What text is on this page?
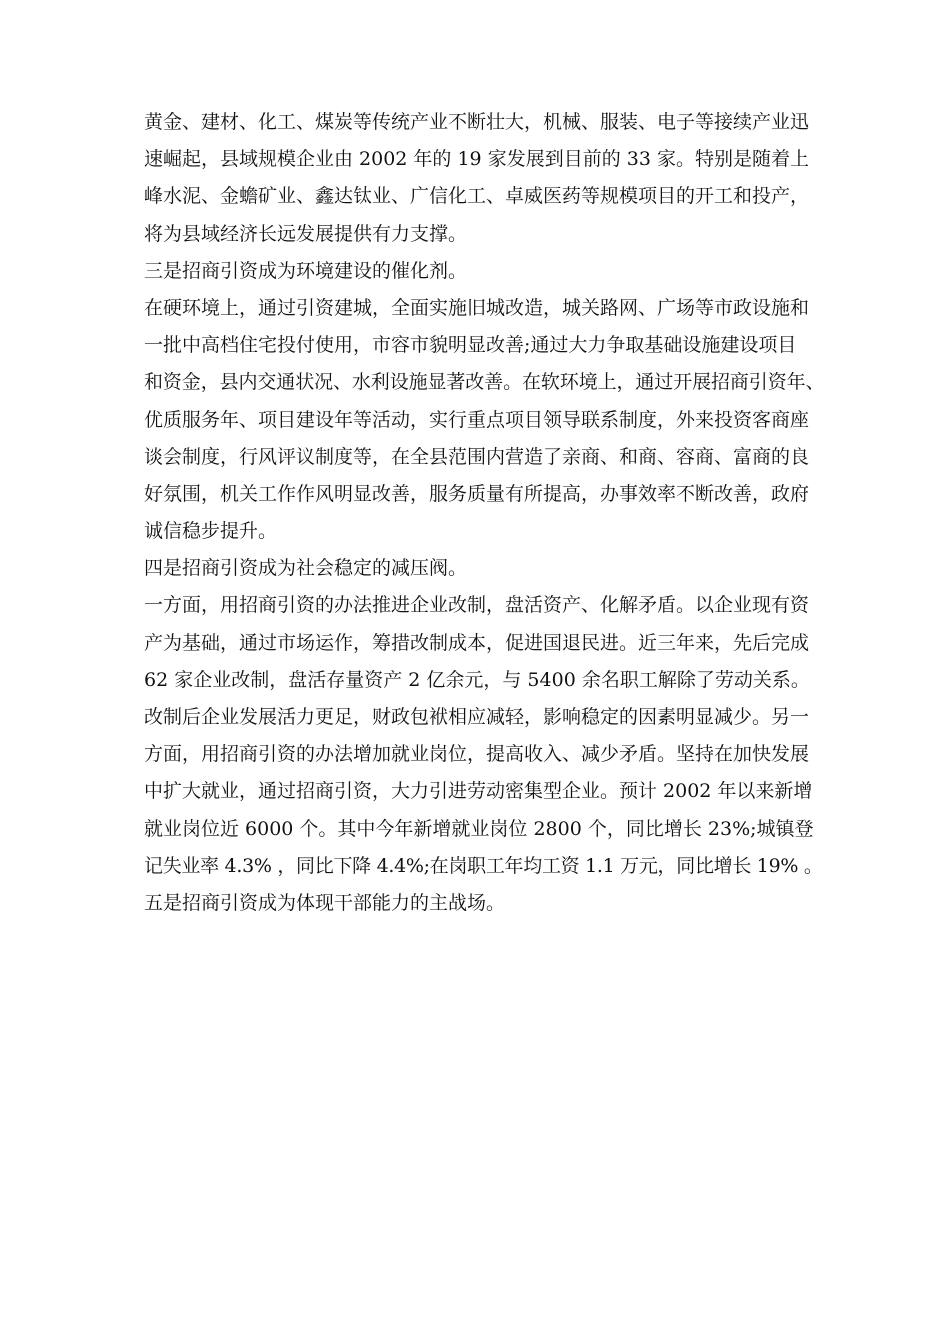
黄金、建材、化工、煤炭等传统产业不断壮大，机械、服装、电子等接续产业迅
速崛起，县域规模企业由 2002 年的 19 家发展到目前的 33 家。特别是随着上
峰水泥、金蟾矿业、鑫达钛业、广信化工、卓威医药等规模项目的开工和投产，
将为县域经济长远发展提供有力支撑。
三是招商引资成为环境建设的催化剂。
在硬环境上，通过引资建城，全面实施旧城改造，城关路网、广场等市政设施和
一批中高档住宅投付使用，市容市貌明显改善;通过大力争取基础设施建设项目
和资金，县内交通状况、水利设施显著改善。在软环境上，通过开展招商引资年、
优质服务年、项目建设年等活动，实行重点项目领导联系制度，外来投资客商座
谈会制度，行风评议制度等，在全县范围内营造了亲商、和商、容商、富商的良
好氛围，机关工作作风明显改善，服务质量有所提高，办事效率不断改善，政府
诚信稳步提升。
四是招商引资成为社会稳定的减压阀。
一方面，用招商引资的办法推进企业改制，盘活资产、化解矛盾。以企业现有资
产为基础，通过市场运作，筹措改制成本，促进国退民进。近三年来，先后完成
62 家企业改制，盘活存量资产 2 亿余元，与 5400 余名职工解除了劳动关系。
改制后企业发展活力更足，财政包袱相应减轻，影响稳定的因素明显减少。另一
方面，用招商引资的办法增加就业岗位，提高收入、减少矛盾。坚持在加快发展
中扩大就业，通过招商引资，大力引进劳动密集型企业。预计 2002 年以来新增
就业岗位近 6000 个。其中今年新增就业岗位 2800 个，同比增长 23%;城镇登
记失业率 4.3% ，同比下降 4.4%;在岗职工年均工资 1.1 万元，同比增长 19% 。
五是招商引资成为体现干部能力的主战场。
